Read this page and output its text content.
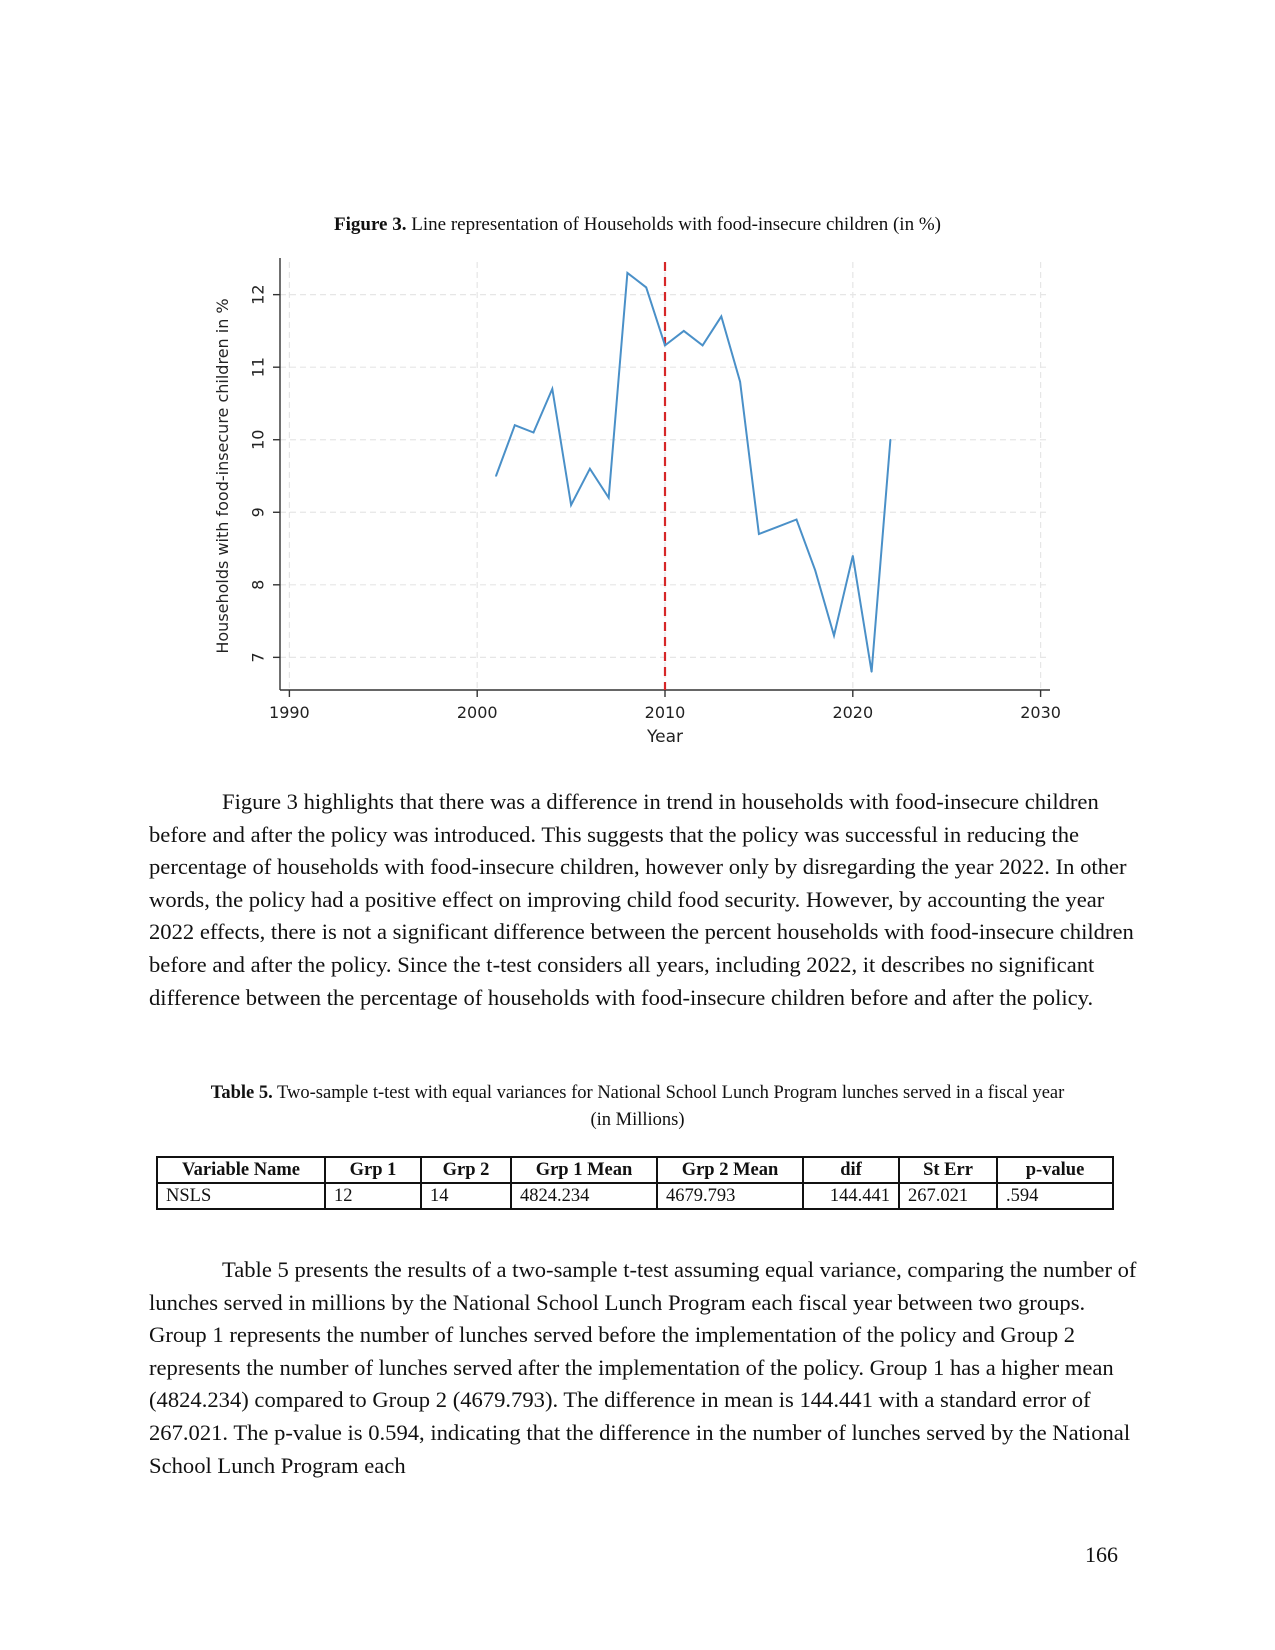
Figure 3. Line representation of Households with food-insecure children (in %)
1990	2000	2010	2020	2030
7
8
9
10
11
12
Year
Households with food-insecure children in %

Figure 3 highlights that there was a difference in trend in households with food-insecure children before and after the policy was introduced. This suggests that the policy was successful in reducing the percentage of households with food-insecure children, however only by disregarding the year 2022. In other words, the policy had a positive effect on improving child food security. However, by accounting the year 2022 effects, there is not a significant difference between the percent households with food-insecure children before and after the policy. Since the t-test considers all years, including 2022, it describes no significant difference between the percentage of households with food-insecure children before and after the policy.

Table 5. Two-sample t-test with equal variances for National School Lunch Program lunches served in a fiscal year
(in Millions)
Variable Name	Grp 1	Grp 2	Grp 1 Mean	Grp 2 Mean	dif	St Err	p-value
NSLS	12	14	4824.234	4679.793	144.441	267.021	.594

Table 5 presents the results of a two-sample t-test assuming equal variance, comparing the number of lunches served in millions by the National School Lunch Program each fiscal year between two groups. Group 1 represents the number of lunches served before the implementation of the policy and Group 2 represents the number of lunches served after the implementation of the policy. Group 1 has a higher mean (4824.234) compared to Group 2 (4679.793). The difference in mean is 144.441 with a standard error of 267.021. The p-value is 0.594, indicating that the difference in the number of lunches served by the National School Lunch Program each

166
